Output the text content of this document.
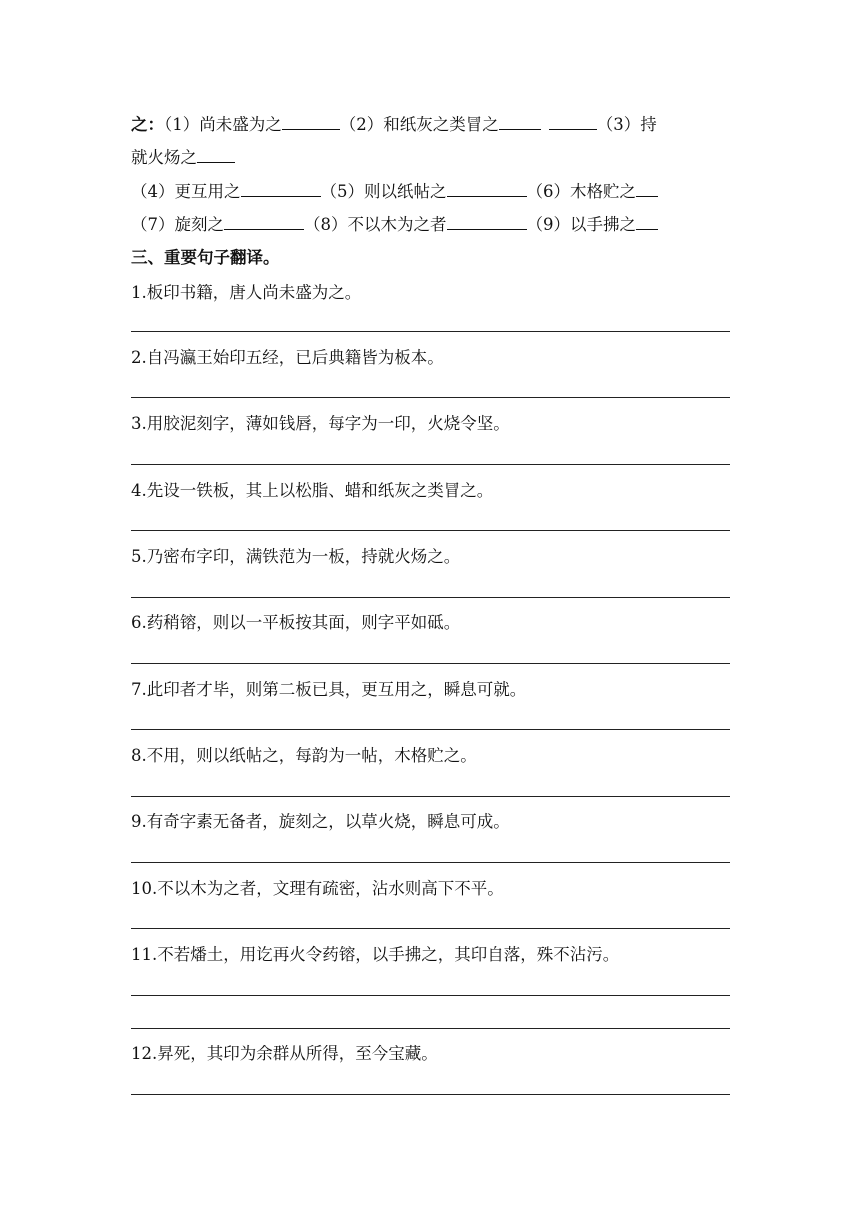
之：（1）尚未盛为之	（2）和纸灰之类冒之	（3）持
就火炀之
（4）更互用之	（5）则以纸帖之	（6）木格贮之
（7）旋刻之	（8）不以木为之者	（9）以手拂之
三、重要句子翻译。
1.板印书籍，唐人尚未盛为之。
2.自冯瀛王始印五经，已后典籍皆为板本。
3.用胶泥刻字，薄如钱唇，每字为一印，火烧令坚。
4.先设一铁板，其上以松脂、蜡和纸灰之类冒之。
5.乃密布字印，满铁范为一板，持就火炀之。
6.药稍镕，则以一平板按其面，则字平如砥。
7.此印者才毕，则第二板已具，更互用之，瞬息可就。
8.不用，则以纸帖之，每韵为一帖，木格贮之。
9.有奇字素无备者，旋刻之，以草火烧，瞬息可成。
10.不以木为之者，文理有疏密，沾水则高下不平。
11.不若燔土，用讫再火令药镕，以手拂之，其印自落，殊不沾污。
12.昇死，其印为余群从所得，至今宝藏。
